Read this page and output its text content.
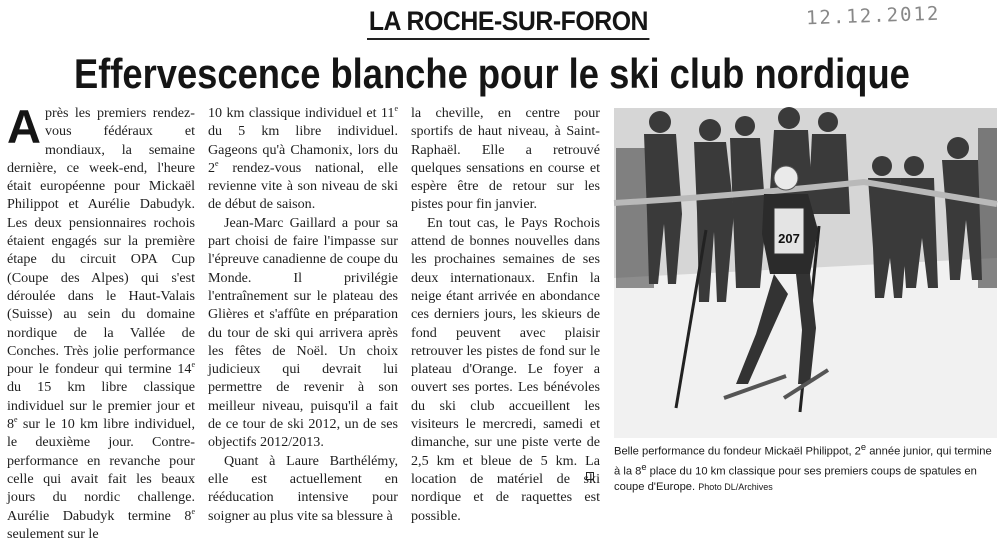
LA ROCHE-SUR-FORON	12.12.2012
Effervescence blanche pour le ski club nordique

Après les premiers rendez-vous fédéraux et mondiaux, la semaine dernière, ce week-end, l'heure était européenne pour Mickaël Philippot et Aurélie Dabudyk. Les deux pensionnaires rochois étaient engagés sur la première étape du circuit OPA Cup (Coupe des Alpes) qui s'est déroulée dans le Haut-Valais (Suisse) au sein du domaine nordique de la Vallée de Conches. Très jolie performance pour le fondeur qui termine 14e du 15 km libre classique individuel sur le premier jour et 8e sur le 10 km libre individuel, le deuxième jour. Contre-performance en revanche pour celle qui avait fait les beaux jours du nordic challenge. Aurélie Dabudyk termine 8e seulement sur le

10 km classique individuel et 11e du 5 km libre individuel. Gageons qu'à Chamonix, lors du 2e rendez-vous national, elle revienne vite à son niveau de ski de début de saison.

Jean-Marc Gaillard a pour sa part choisi de faire l'impasse sur l'épreuve canadienne de coupe du Monde. Il privilégie l'entraînement sur le plateau des Glières et s'affûte en préparation du tour de ski qui arrivera après les fêtes de Noël. Un choix judicieux qui devrait lui permettre de revenir à son meilleur niveau, puisqu'il a fait de ce tour de ski 2012, un de ses objectifs 2012/2013.

Quant à Laure Barthélémy, elle est actuellement en rééducation intensive pour soigner au plus vite sa blessure à

la cheville, en centre pour sportifs de haut niveau, à Saint-Raphaël. Elle a retrouvé quelques sensations en course et espère être de retour sur les pistes pour fin janvier.

En tout cas, le Pays Rochois attend de bonnes nouvelles dans les prochaines semaines de ses deux internationaux. Enfin la neige étant arrivée en abondance ces derniers jours, les skieurs de fond peuvent avec plaisir retrouver les pistes de fond sur le plateau d'Orange. Le foyer a ouvert ses portes. Les bénévoles du ski club accueillent les visiteurs le mercredi, samedi et dimanche, sur une piste verte de 2,5 km et bleue de 5 km. La location de matériel de ski nordique et de raquettes est possible.

207
Belle performance du fondeur Mickaël Philippot, 2e année junior, qui termine à la 8e place du 10 km classique pour ses premiers coups de spatules en coupe d'Europe. Photo DL/Archives
